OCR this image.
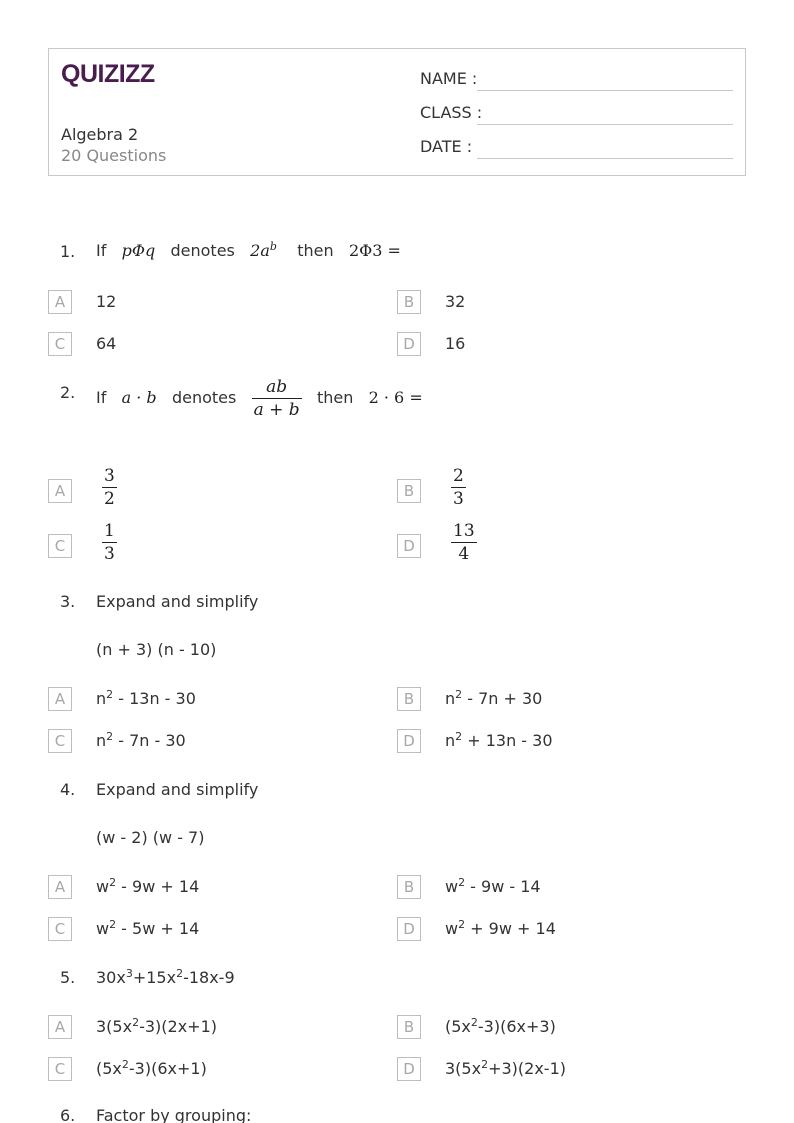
QUIZIZZ
Algebra 2
20 Questions
NAME :
CLASS :
DATE :
1. If pΦq denotes $2a^b$ then 2Φ3 =
A	12	B	32
C	64	D	16
2. If a · b denotes $\frac{ab}{a + b}$ then 2 · 6 =
A	$\frac{3}{2}$	B	$\frac{2}{3}$
C	$\frac{1}{3}$	D	$\frac{13}{4}$
3. Expand and simplify
(n + 3) (n - 10)
A	$n^2 - 13n - 30$	B	$n^2 - 7n + 30$
C	$n^2 - 7n - 30$	D	$n^2 + 13n - 30$
4. Expand and simplify
(w - 2) (w - 7)
A	$w^2 - 9w + 14$	B	$w^2 - 9w - 14$
C	$w^2 - 5w + 14$	D	$w^2 + 9w + 14$
5. $30x^3+15x^2-18x-9$
A	$3(5x^2-3)(2x+1)$	B	$(5x^2-3)(6x+3)$
C	$(5x^2-3)(6x+1)$	D	$3(5x^2+3)(2x-1)$
6. Factor by grouping:
